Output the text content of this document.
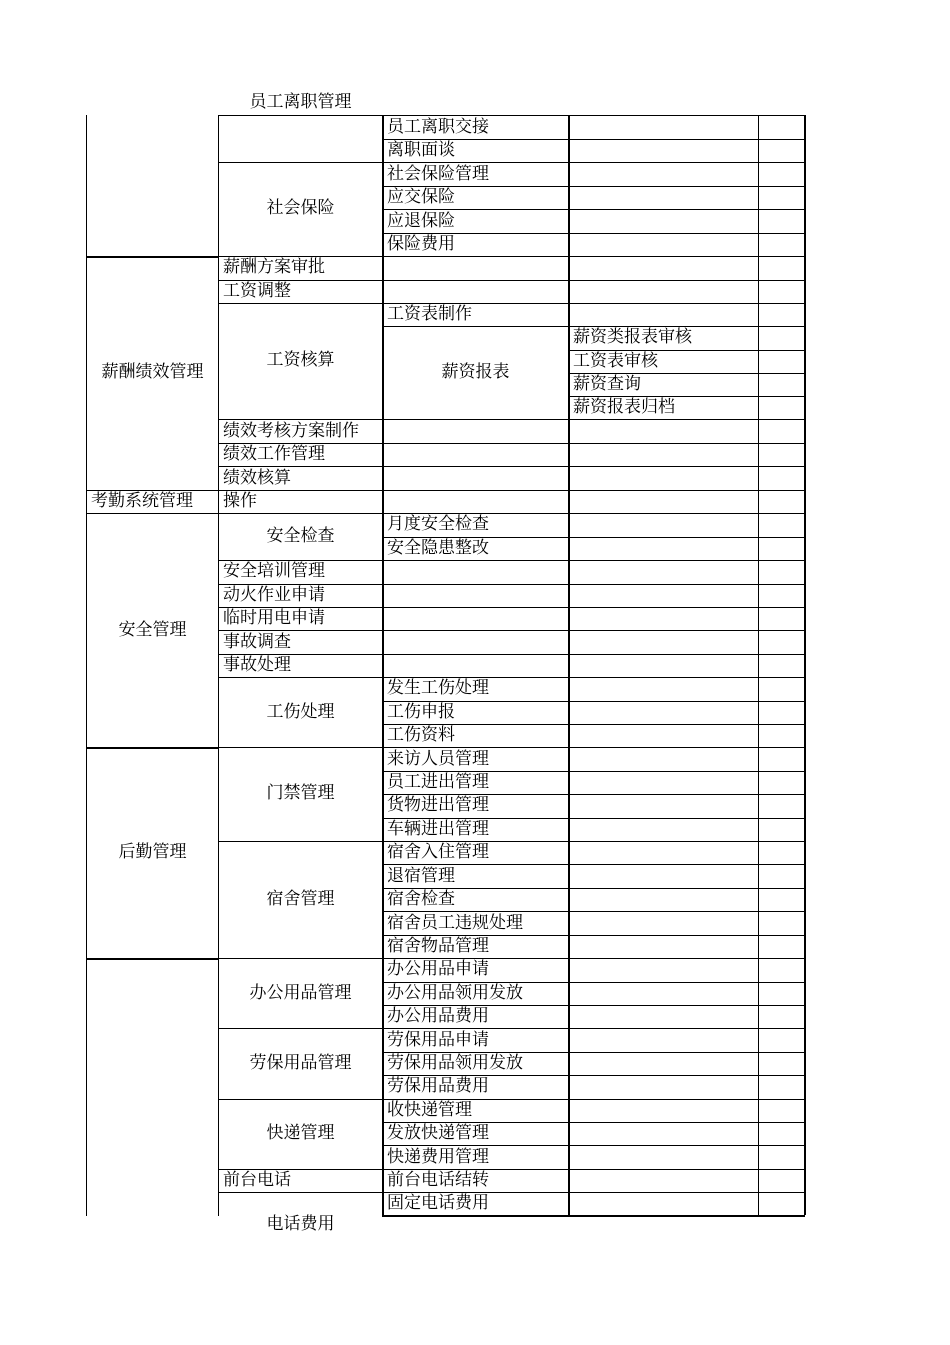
员工离职管理
电话费用
薪酬绩效管理
考勤系统管理
安全管理
后勤管理
社会保险
薪酬方案审批
工资调整
工资核算
绩效考核方案制作
绩效工作管理
绩效核算
操作
安全检查
安全培训管理
动火作业申请
临时用电申请
事故调查
事故处理
工伤处理
门禁管理
宿舍管理
办公用品管理
劳保用品管理
快递管理
前台电话
员工离职交接
离职面谈
社会保险管理
应交保险
应退保险
保险费用
工资表制作
薪资报表
月度安全检查
安全隐患整改
发生工伤处理
工伤申报
工伤资料
来访人员管理
员工进出管理
货物进出管理
车辆进出管理
宿舍入住管理
退宿管理
宿舍检查
宿舍员工违规处理
宿舍物品管理
办公用品申请
办公用品领用发放
办公用品费用
劳保用品申请
劳保用品领用发放
劳保用品费用
收快递管理
发放快递管理
快递费用管理
前台电话结转
固定电话费用
薪资类报表审核
工资表审核
薪资查询
薪资报表归档
